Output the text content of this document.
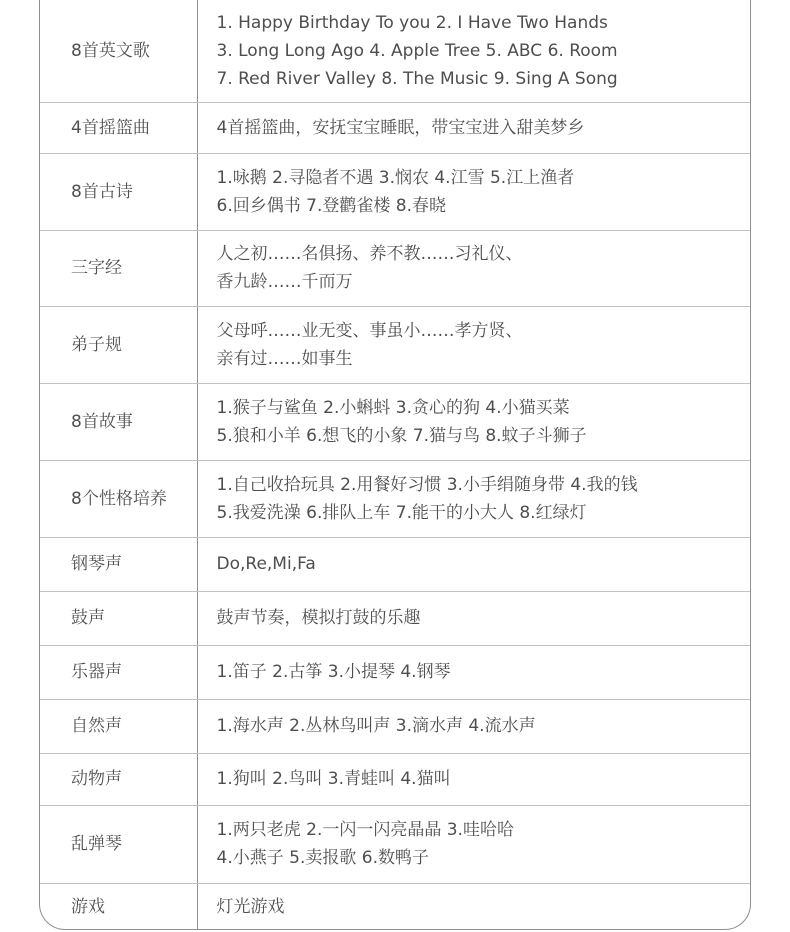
8首英文歌	1. Happy Birthday To you 2. I Have Two Hands
3. Long Long Ago 4. Apple Tree 5. ABC 6. Room
7. Red River Valley 8. The Music 9. Sing A Song

4首摇篮曲	4首摇篮曲，安抚宝宝睡眠，带宝宝进入甜美梦乡

8首古诗	1.咏鹅 2.寻隐者不遇 3.悯农 4.江雪 5.江上渔者
6.回乡偶书 7.登鹳雀楼 8.春晓

三字经	人之初……名俱扬、养不教……习礼仪、
香九龄……千而万

弟子规	父母呼……业无变、事虽小……孝方贤、
亲有过……如事生

8首故事	1.猴子与鲨鱼 2.小蝌蚪 3.贪心的狗 4.小猫买菜
5.狼和小羊 6.想飞的小象 7.猫与鸟 8.蚊子斗狮子

8个性格培养	1.自己收拾玩具 2.用餐好习惯 3.小手绢随身带 4.我的钱
5.我爱洗澡 6.排队上车 7.能干的小大人 8.红绿灯

钢琴声	Do,Re,Mi,Fa

鼓声	鼓声节奏，模拟打鼓的乐趣

乐器声	1.笛子 2.古筝 3.小提琴 4.钢琴

自然声	1.海水声 2.丛林鸟叫声 3.滴水声 4.流水声

动物声	1.狗叫 2.鸟叫 3.青蛙叫 4.猫叫

乱弹琴	1.两只老虎 2.一闪一闪亮晶晶 3.哇哈哈
4.小燕子 5.卖报歌 6.数鸭子

游戏	灯光游戏
